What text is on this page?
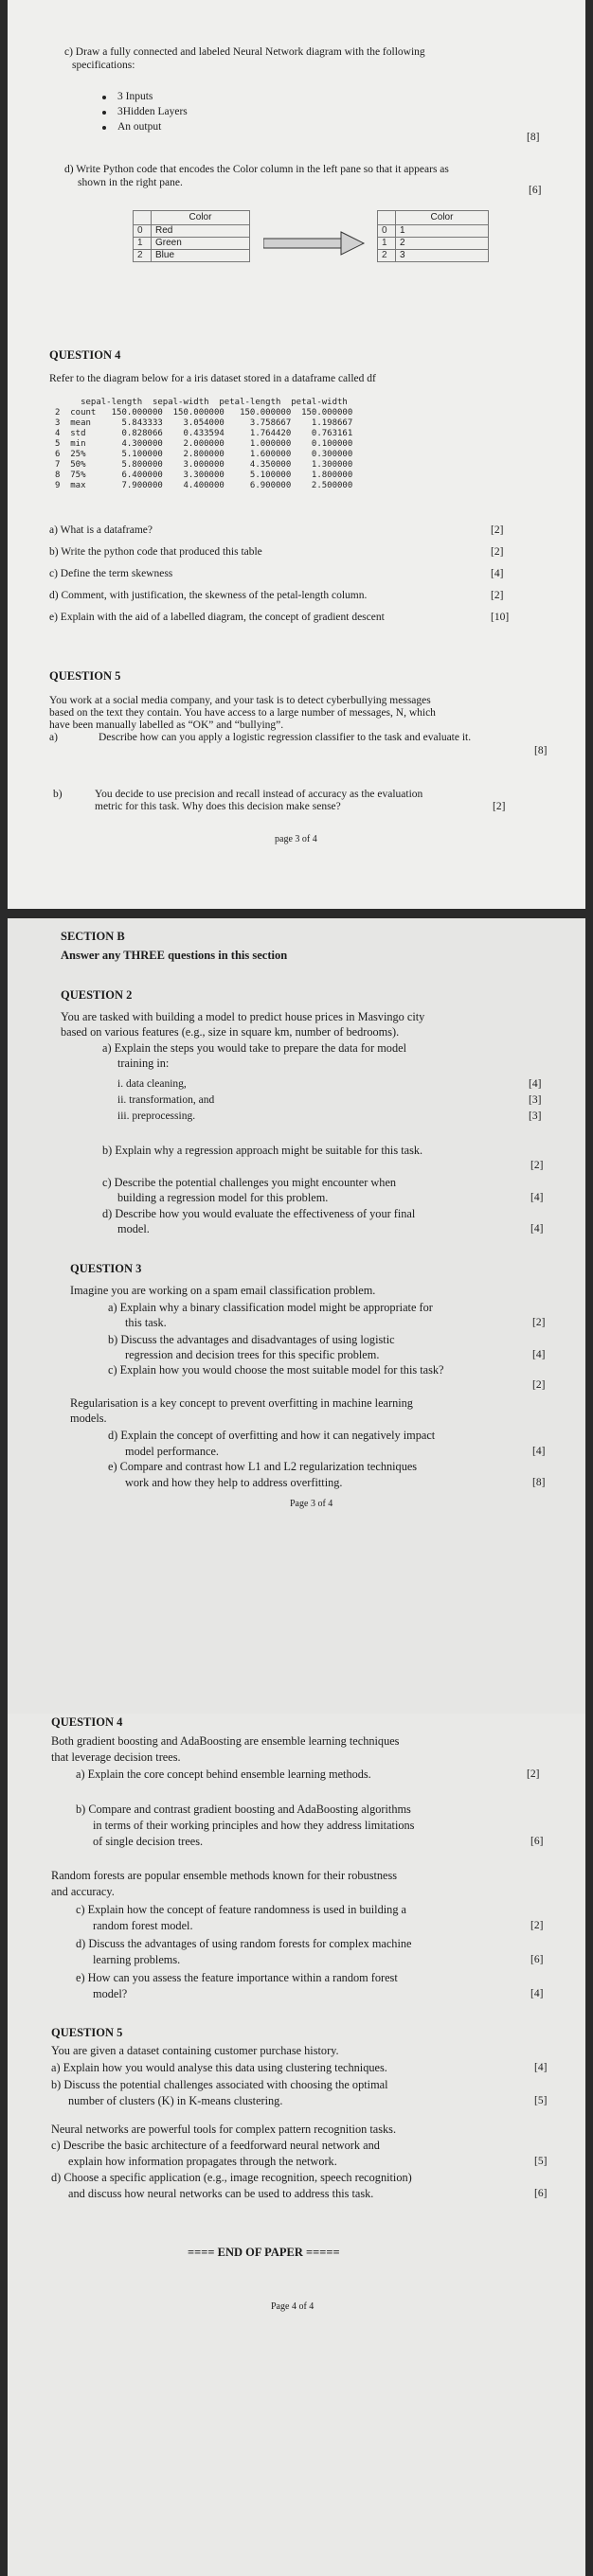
c) Draw a fully connected and labeled Neural Network diagram with the following
specifications:
3 Inputs
3Hidden Layers
An output
[8]
d) Write Python code that encodes the Color column in the left pane so that it appears as
shown in the right pane.
[6]
	Color
0	Red
1	Green
2	Blue
	Color
0	1
1	2
2	3
QUESTION 4
Refer to the diagram below for a iris dataset stored in a dataframe called df
sepal-length  sepal-width  petal-length  petal-width
2  count   150.000000  150.000000   150.000000  150.000000
3  mean      5.843333    3.054000     3.758667    1.198667
4  std       0.828066    0.433594     1.764420    0.763161
5  min       4.300000    2.000000     1.000000    0.100000
6  25%       5.100000    2.800000     1.600000    0.300000
7  50%       5.800000    3.000000     4.350000    1.300000
8  75%       6.400000    3.300000     5.100000    1.800000
9  max       7.900000    4.400000     6.900000    2.500000
a) What is a dataframe?	[2]
b) Write the python code that produced this table	[2]
c) Define the term skewness	[4]
d) Comment, with justification, the skewness of the petal-length column.	[2]
e) Explain with the aid of a labelled diagram, the concept of gradient descent	[10]
QUESTION 5
You work at a social media company, and your task is to detect cyberbullying messages
based on the text they contain. You have access to a large number of messages, N, which
have been manually labelled as “OK” and “bullying”.
a)	Describe how can you apply a logistic regression classifier to the task and evaluate it.
[8]
b)	You decide to use precision and recall instead of accuracy as the evaluation
metric for this task. Why does this decision make sense?	[2]
page 3 of 4
SECTION B
Answer any THREE questions in this section
QUESTION 2
You are tasked with building a model to predict house prices in Masvingo city
based on various features (e.g., size in square km, number of bedrooms).
a) Explain the steps you would take to prepare the data for model
training in:
i. data cleaning,	[4]
ii. transformation, and	[3]
iii. preprocessing.	[3]
b) Explain why a regression approach might be suitable for this task.
[2]
c) Describe the potential challenges you might encounter when
building a regression model for this problem.	[4]
d) Describe how you would evaluate the effectiveness of your final
model.	[4]
QUESTION 3
Imagine you are working on a spam email classification problem.
a) Explain why a binary classification model might be appropriate for
this task.	[2]
b) Discuss the advantages and disadvantages of using logistic
regression and decision trees for this specific problem.	[4]
c) Explain how you would choose the most suitable model for this task?
[2]
Regularisation is a key concept to prevent overfitting in machine learning
models.
d) Explain the concept of overfitting and how it can negatively impact
model performance.	[4]
e) Compare and contrast how L1 and L2 regularization techniques
work and how they help to address overfitting.	[8]
Page 3 of 4
QUESTION 4
Both gradient boosting and AdaBoosting are ensemble learning techniques
that leverage decision trees.
a) Explain the core concept behind ensemble learning methods.	[2]
b) Compare and contrast gradient boosting and AdaBoosting algorithms
in terms of their working principles and how they address limitations
of single decision trees.	[6]
Random forests are popular ensemble methods known for their robustness
and accuracy.
c) Explain how the concept of feature randomness is used in building a
random forest model.	[2]
d) Discuss the advantages of using random forests for complex machine
learning problems.	[6]
e) How can you assess the feature importance within a random forest
model?	[4]
QUESTION 5
You are given a dataset containing customer purchase history.
a) Explain how you would analyse this data using clustering techniques.	[4]
b) Discuss the potential challenges associated with choosing the optimal
number of clusters (K) in K-means clustering.	[5]
Neural networks are powerful tools for complex pattern recognition tasks.
c) Describe the basic architecture of a feedforward neural network and
explain how information propagates through the network.	[5]
d) Choose a specific application (e.g., image recognition, speech recognition)
and discuss how neural networks can be used to address this task.	[6]
==== END OF PAPER =====
Page 4 of 4
